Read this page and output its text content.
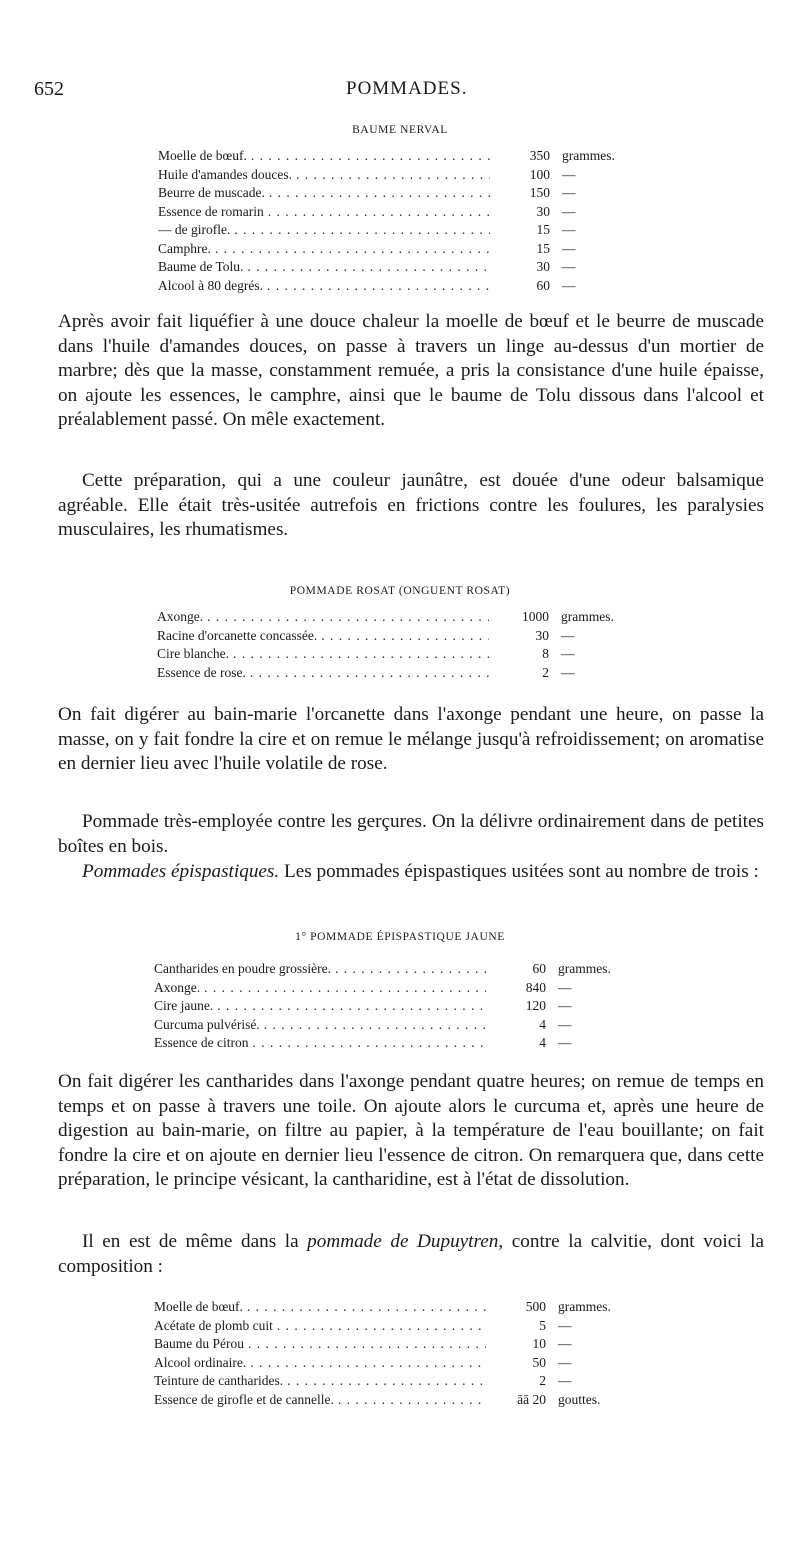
652	POMMADES.
BAUME NERVAL
Moelle de bœuf. . . .	350 grammes.
Huile d'amandes douces. . . .	100 —
Beurre de muscade. . . .	150 —
Essence de romarin . . .	30 —
— de girofle. . . .	15 —
Camphre. . . .	15 —
Baume de Tolu. . . .	30 —
Alcool à 80 degrés. . . .	60 —

Après avoir fait liquéfier à une douce chaleur la moelle de bœuf et le beurre de muscade dans l'huile d'amandes douces, on passe à travers un linge au-dessus d'un mortier de marbre; dès que la masse, constamment remuée, a pris la consistance d'une huile épaisse, on ajoute les essences, le camphre, ainsi que le baume de Tolu dissous dans l'alcool et préalablement passé. On mêle exactement.

Cette préparation, qui a une couleur jaunâtre, est douée d'une odeur balsamique agréable. Elle était très-usitée autrefois en frictions contre les foulures, les paralysies musculaires, les rhumatismes.

POMMADE ROSAT (ONGUENT ROSAT)
Axonge. . . .	1000 grammes.
Racine d'orcanette concassée. . . .	30 —
Cire blanche. . . .	8 —
Essence de rose. . . .	2 —

On fait digérer au bain-marie l'orcanette dans l'axonge pendant une heure, on passe la masse, on y fait fondre la cire et on remue le mélange jusqu'à refroidissement; on aromatise en dernier lieu avec l'huile volatile de rose.

Pommade très-employée contre les gerçures. On la délivre ordinairement dans de petites boîtes en bois.

Pommades épispastiques. Les pommades épispastiques usitées sont au nombre de trois :

1° POMMADE ÉPISPASTIQUE JAUNE
Cantharides en poudre grossière. . . .	60 grammes.
Axonge. . . .	840 —
Cire jaune. . . .	120 —
Curcuma pulvérisé. . . .	4 —
Essence de citron . . .	4 —

On fait digérer les cantharides dans l'axonge pendant quatre heures; on remue de temps en temps et on passe à travers une toile. On ajoute alors le curcuma et, après une heure de digestion au bain-marie, on filtre au papier, à la température de l'eau bouillante; on fait fondre la cire et on ajoute en dernier lieu l'essence de citron. On remarquera que, dans cette préparation, le principe vésicant, la cantharidine, est à l'état de dissolution.

Il en est de même dans la pommade de Dupuytren, contre la calvitie, dont voici la composition :

Moelle de bœuf. . . .	500 grammes.
Acétate de plomb cuit . . .	5 —
Baume du Pérou . . .	10 —
Alcool ordinaire. . . .	50 —
Teinture de cantharides. . . .	2 —
Essence de girofle et de cannelle. . . .	āā 20 gouttes.
